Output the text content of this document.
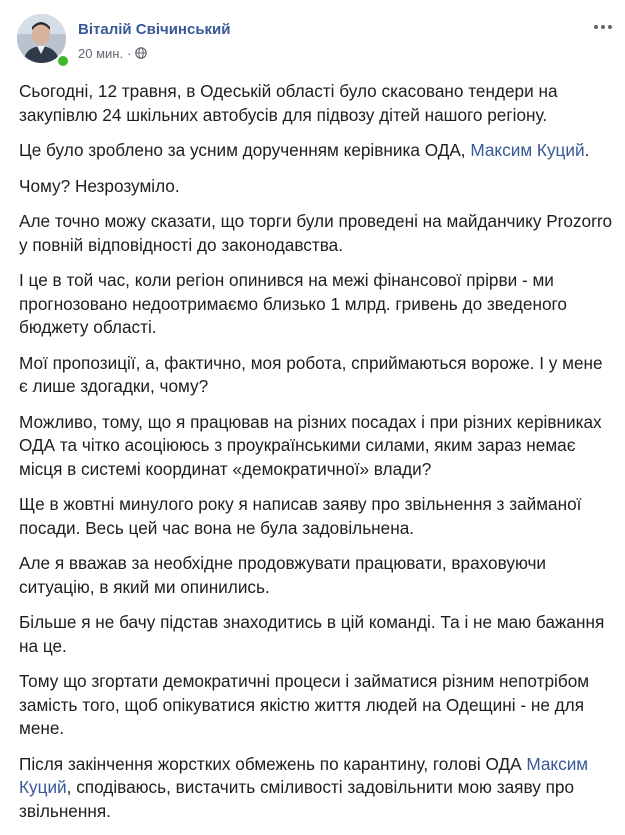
Віталій Свічинський
20 мин. ·

Сьогодні, 12 травня, в Одеській області було скасовано тендери на закупівлю 24 шкільних автобусів для підвозу дітей нашого регіону.

Це було зроблено за усним дорученням керівника ОДА, Максим Куций.

Чому? Незрозуміло.

Але точно можу сказати, що торги були проведені на майданчику Prozorro у повній відповідності до законодавства.

І це в той час, коли регіон опинився на межі фінансової прірви - ми прогнозовано недоотримаємо близько 1 млрд. гривень до зведеного бюджету області.

Мої пропозиції, а, фактично, моя робота, сприймаються вороже. І у мене є лише здогадки, чому?

Можливо, тому, що я працював на різних посадах і при різних керівниках ОДА та чітко асоціююсь з проукраїнськими силами, яким зараз немає місця в системі координат «демократичної» влади?

Ще в жовтні минулого року я написав заяву про звільнення з займаної посади. Весь цей час вона не була задовільнена.

Але я вважав за необхідне продовжувати працювати, враховуючи ситуацію, в який ми опинились.

Більше я не бачу підстав знаходитись в цій команді. Та і не маю бажання на це.

Тому що згортати демократичні процеси і займатися різним непотрібом замість того, щоб опікуватися якістю життя людей на Одещині - не для мене.

Після закінчення жорстких обмежень по карантину, голові ОДА Максим Куций, сподіваюсь, вистачить сміливості задовільнити мою заяву про звільнення.
